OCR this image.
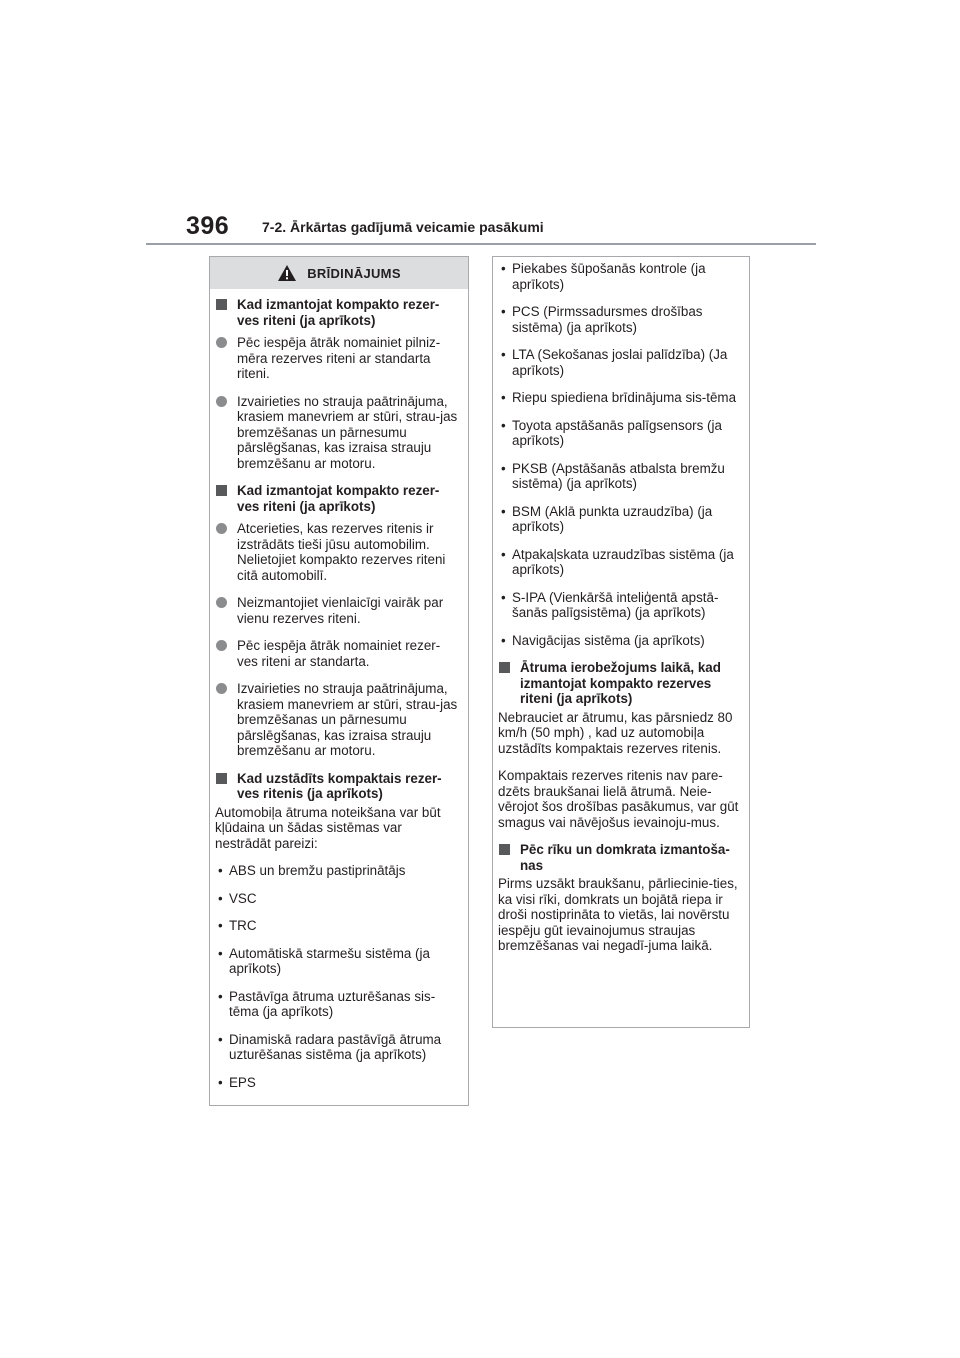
396 7-2. Ārkārtas gadījumā veicamie pasākumi
BRĪDINĀJUMS
Kad izmantojat kompakto rezer-ves riteni (ja aprīkots)
Pēc iespēja ātrāk nomainiet pilniz-mēra rezerves riteni ar standarta riteni.
Izvairieties no strauja paātrinājuma, krasiem manevriem ar stūri, strau-jas bremzēšanas un pārnesumu pārslēgšanas, kas izraisa strauju bremzēšanu ar motoru.
Kad izmantojat kompakto rezer-ves riteni (ja aprīkots)
Atcerieties, kas rezerves ritenis ir izstrādāts tieši jūsu automobilim. Nelietojiet kompakto rezerves riteni citā automobilī.
Neizmantojiet vienlaicīgi vairāk par vienu rezerves riteni.
Pēc iespēja ātrāk nomainiet rezer-ves riteni ar standarta.
Izvairieties no strauja paātrinājuma, krasiem manevriem ar stūri, strau-jas bremzēšanas un pārnesumu pārslēgšanas, kas izraisa strauju bremzēšanu ar motoru.
Kad uzstādīts kompaktais rezer-ves ritenis (ja aprīkots)
Automobiļa ātruma noteikšana var būt kļūdaina un šādas sistēmas var nestrādāt pareizi:
• ABS un bremžu pastiprinātājs
• VSC
• TRC
• Automātiskā starmešu sistēma (ja aprīkots)
• Pastāvīga ātruma uzturēšanas sis-tēma (ja aprīkots)
• Dinamiskā radara pastāvīgā ātruma uzturēšanas sistēma (ja aprīkots)
• EPS
• Piekabes šūpošanās kontrole (ja aprīkots)
• PCS (Pirmssadursmes drošības sistēma) (ja aprīkots)
• LTA (Sekošanas joslai palīdzība) (Ja aprīkots)
• Riepu spiediena brīdinājuma sis-tēma
• Toyota apstāšanās palīgsensors (ja aprīkots)
• PKSB (Apstāšanās atbalsta bremžu sistēma) (ja aprīkots)
• BSM (Aklā punkta uzraudzība) (ja aprīkots)
• Atpakaļskata uzraudzības sistēma (ja aprīkots)
• S-IPA (Vienkāršā inteliģentā apstā-šanās palīgsistēma) (ja aprīkots)
• Navigācijas sistēma (ja aprīkots)
Ātruma ierobežojums laikā, kad izmantojat kompakto rezerves riteni (ja aprīkots)
Nebrauciet ar ātrumu, kas pārsniedz 80 km/h (50 mph) , kad uz automobiļa uzstādīts kompaktais rezerves ritenis.
Kompaktais rezerves ritenis nav pare-dzēts braukšanai lielā ātrumā. Neie-vērojot šos drošības pasākumus, var gūt smagus vai nāvējošus ievainoju-mus.
Pēc rīku un domkrata izmantoša-nas
Pirms uzsākt braukšanu, pārliecinie-ties, ka visi rīki, domkrats un bojātā riepa ir droši nostiprināta to vietās, lai novērstu iespēju gūt ievainojumus straujas bremzēšanas vai negadī-juma laikā.
